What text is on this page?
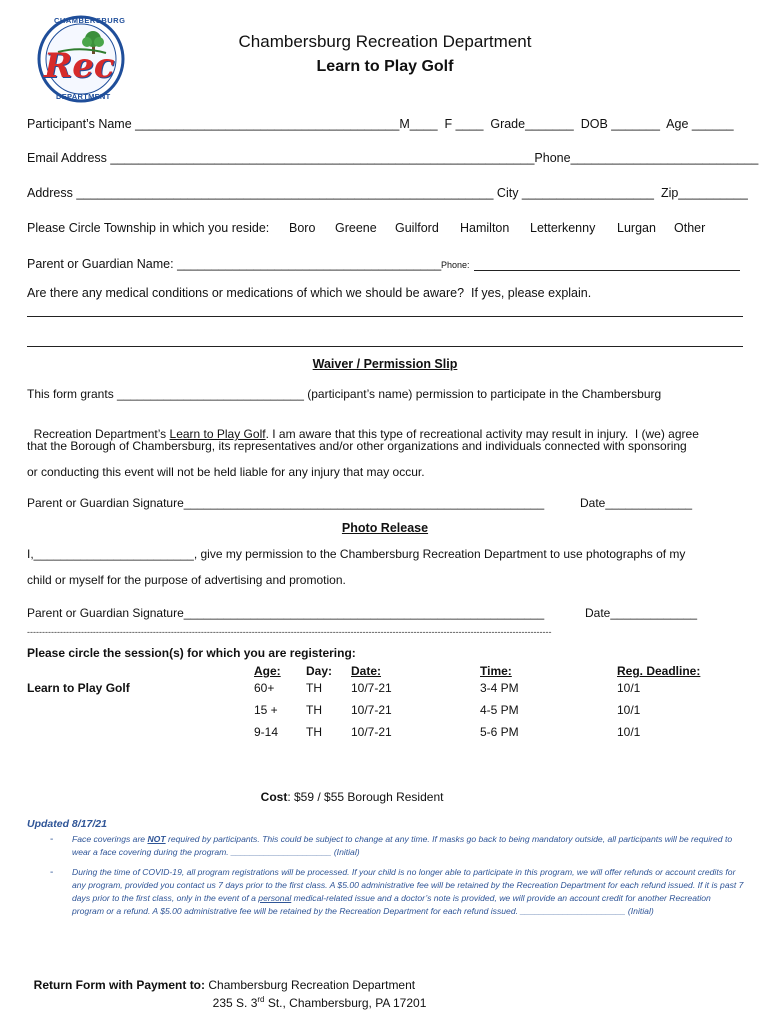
CHAMBERSBURG
Rec
DEPARTMENT
Chambersburg Recreation Department
Learn to Play Golf
Participant’s Name ______________________________________M____  F ____  Grade_______  DOB _______  Age ______
Email Address _____________________________________________________________Phone___________________________
Address ____________________________________________________________ City ___________________  Zip__________
Please Circle Township in which you reside: Boro Greene Guilford Hamilton Letterkenny Lurgan Other
Parent or Guardian Name: ______________________________________ Phone:
Are there any medical conditions or medications of which we should be aware?  If yes, please explain.
Waiver / Permission Slip
This form grants ____________________________ (participant’s name) permission to participate in the Chambersburg

Recreation Department’s Learn to Play Golf. I am aware that this type of recreational activity may result in injury.  I (we) agree

that the Borough of Chambersburg, its representatives and/or other organizations and individuals connected with sponsoring
or conducting this event will not be held liable for any injury that may occur.
Parent or Guardian Signature______________________________________________________	Date_____________
Photo Release
I,________________________, give my permission to the Chambersburg Recreation Department to use photographs of my
child or myself for the purpose of advertising and promotion.
Parent or Guardian Signature______________________________________________________	Date_____________
-------------------------------------------------------------------------------------------------------------------------------------------------------------------------------
Please circle the session(s) for which you are registering:
Age: Day: Date:	Time:	Reg. Deadline:
Learn to Play Golf	60+	TH 10/7-21	3-4 PM	10/1
15 + TH 10/7-21	4-5 PM	10/1
9-14 TH 10/7-21	5-6 PM	10/1

Cost: $59 / $55 Borough Resident

Updated 8/17/21
- Face coverings are NOT required by participants. This could be subject to change at any time. If masks go back to being mandatory outside, all participants will be required to wear a face covering during the program. _____________________ (Initial)
- During the time of COVID-19, all program registrations will be processed. If your child is no longer able to participate in this program, we will offer refunds or account credits for any program, provided you contact us 7 days prior to the first class. A $5.00 administrative fee will be retained by the Recreation Department for each refund issued. If it is past 7 days prior to the first class, only in the event of a personal medical-related issue and a doctor’s note is provided, we will provide an account credit for another Recreation program or a refund. A $5.00 administrative fee will be retained by the Recreation Department for each refund issued. ______________________ (Initial)

Return Form with Payment to: Chambersburg Recreation Department

235 S. 3rd St., Chambersburg, PA 17201
